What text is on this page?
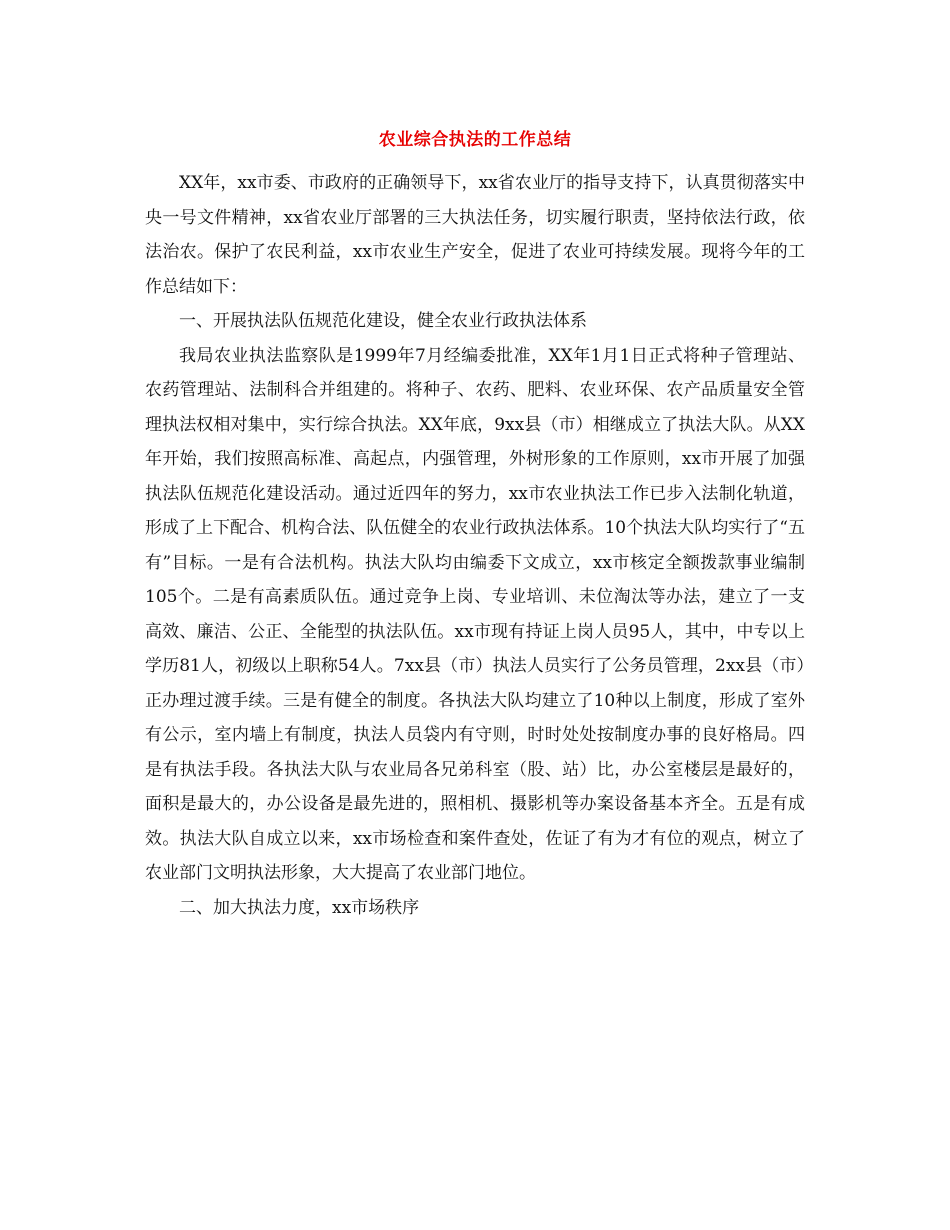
农业综合执法的工作总结

XX年，xx市委、市政府的正确领导下，xx省农业厅的指导支持下，认真贯彻落实中央一号文件精神，xx省农业厅部署的三大执法任务，切实履行职责，坚持依法行政，依法治农。保护了农民利益，xx市农业生产安全，促进了农业可持续发展。现将今年的工作总结如下：

一、开展执法队伍规范化建设，健全农业行政执法体系

我局农业执法监察队是1999年7月经编委批准，XX年1月1日正式将种子管理站、农药管理站、法制科合并组建的。将种子、农药、肥料、农业环保、农产品质量安全管理执法权相对集中，实行综合执法。XX年底，9xx县（市）相继成立了执法大队。从XX年开始，我们按照高标准、高起点，内强管理，外树形象的工作原则，xx市开展了加强执法队伍规范化建设活动。通过近四年的努力，xx市农业执法工作已步入法制化轨道，形成了上下配合、机构合法、队伍健全的农业行政执法体系。10个执法大队均实行了“五有”目标。一是有合法机构。执法大队均由编委下文成立，xx市核定全额拨款事业编制105个。二是有高素质队伍。通过竞争上岗、专业培训、未位淘汰等办法，建立了一支高效、廉洁、公正、全能型的执法队伍。xx市现有持证上岗人员95人，其中，中专以上学历81人，初级以上职称54人。7xx县（市）执法人员实行了公务员管理，2xx县（市）正办理过渡手续。三是有健全的制度。各执法大队均建立了10种以上制度，形成了室外有公示，室内墙上有制度，执法人员袋内有守则，时时处处按制度办事的良好格局。四是有执法手段。各执法大队与农业局各兄弟科室（股、站）比，办公室楼层是最好的，面积是最大的，办公设备是最先进的，照相机、摄影机等办案设备基本齐全。五是有成效。执法大队自成立以来，xx市场检查和案件查处，佐证了有为才有位的观点，树立了农业部门文明执法形象，大大提高了农业部门地位。

二、加大执法力度，xx市场秩序
